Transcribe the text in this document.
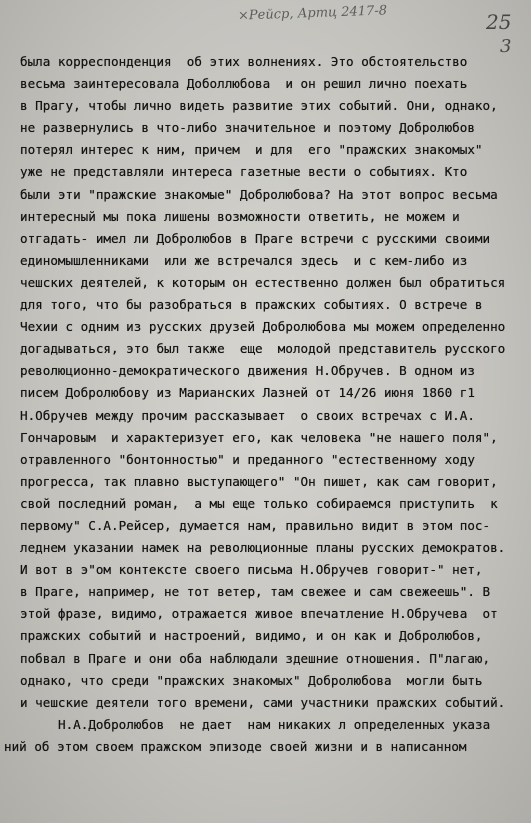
×Рейср, Артц 2417-8	25
3
была корреспонденция  об этих волнениях. Это обстоятельство
весьма заинтересовала Доболлюбова  и он решил лично поехать
в Прагу, чтобы лично видеть развитие этих событий. Они, однако,
не развернулись в что-либо значительное и поэтому Добролюбов
потерял интерес к ним, причем  и для  его "пражских знакомых"
уже не представляли интереса газетные вести о событиях. Кто
были эти "пражские знакомые" Добролюбова? На этот вопрос весьма
интересный мы пока лишены возможности ответить, не можем и
отгадать- имел ли Добролюбов в Праге встречи с русскими своими
единомышленниками  или же встречался здесь  и с кем-либо из
чешских деятелей, к которым он естественно должен был обратиться
для того, что бы разобраться в пражских событиях. О встрече в
Чехии с одним из русских друзей Добролюбова мы можем определенно
догадываться, это был также  еще  молодой представитель русского
революционно-демократического движения Н.Обручев. В одном из
писем Добролюбову из Марианских Лазней от 14/26 июня 1860 г1
Н.Обручев между прочим рассказывает  о своих встречах с И.А.
Гончаровым  и характеризует его, как человека "не нашего поля",
отравленного "бонтонностью" и преданного "естественному ходу
прогресса, так плавно выступающего" "Он пишет, как сам говорит,
свой последний роман,  а мы еще только собираемся приступить  к
первому" С.А.Рейсер, думается нам, правильно видит в этом пос-
леднем указании намек на революционные планы русских демократов.
И вот в э"ом контексте своего письма Н.Обручев говорит-" нет,
в Праге, например, не тот ветер, там свежее и сам свежеешь". В
этой фразе, видимо, отражается живое впечатление Н.Обручева  от
пражских событий и настроений, видимо, и он как и Добролюбов,
побвал в Праге и они оба наблюдали здешние отношения. П"лагаю,
однако, что среди "пражских знакомых" Добролюбова  могли быть
и чешские деятели того времени, сами участники пражских событий.
Н.А.Добролюбов  не дает  нам никаких л определенных указа
ний об этом своем пражском эпизоде своей жизни и в написанном
